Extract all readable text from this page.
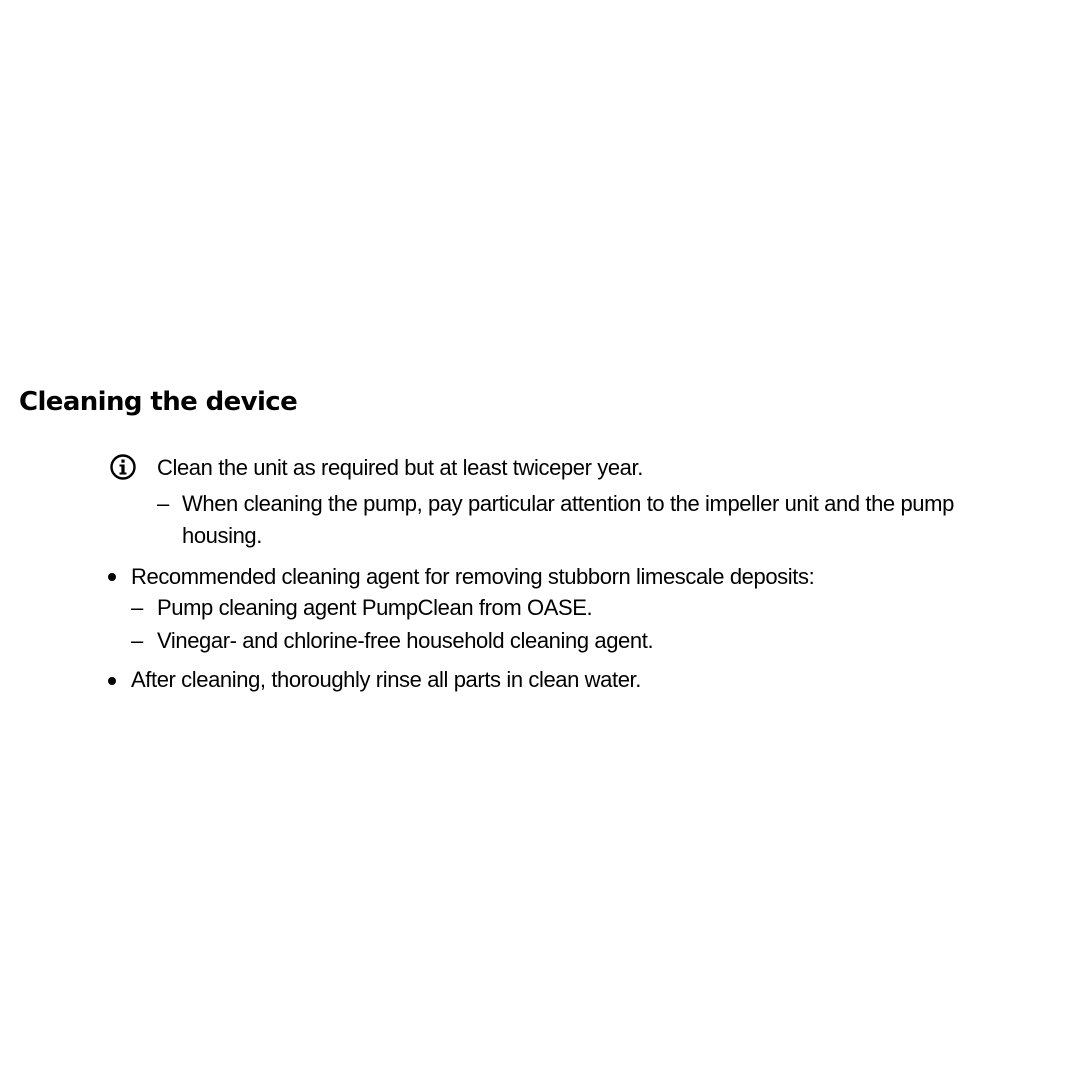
Cleaning the device
Clean the unit as required but at least twiceper year.
– When cleaning the pump, pay particular attention to the impeller unit and the pump
housing.
Recommended cleaning agent for removing stubborn limescale deposits:
– Pump cleaning agent PumpClean from OASE.
– Vinegar- and chlorine-free household cleaning agent.
After cleaning, thoroughly rinse all parts in clean water.
